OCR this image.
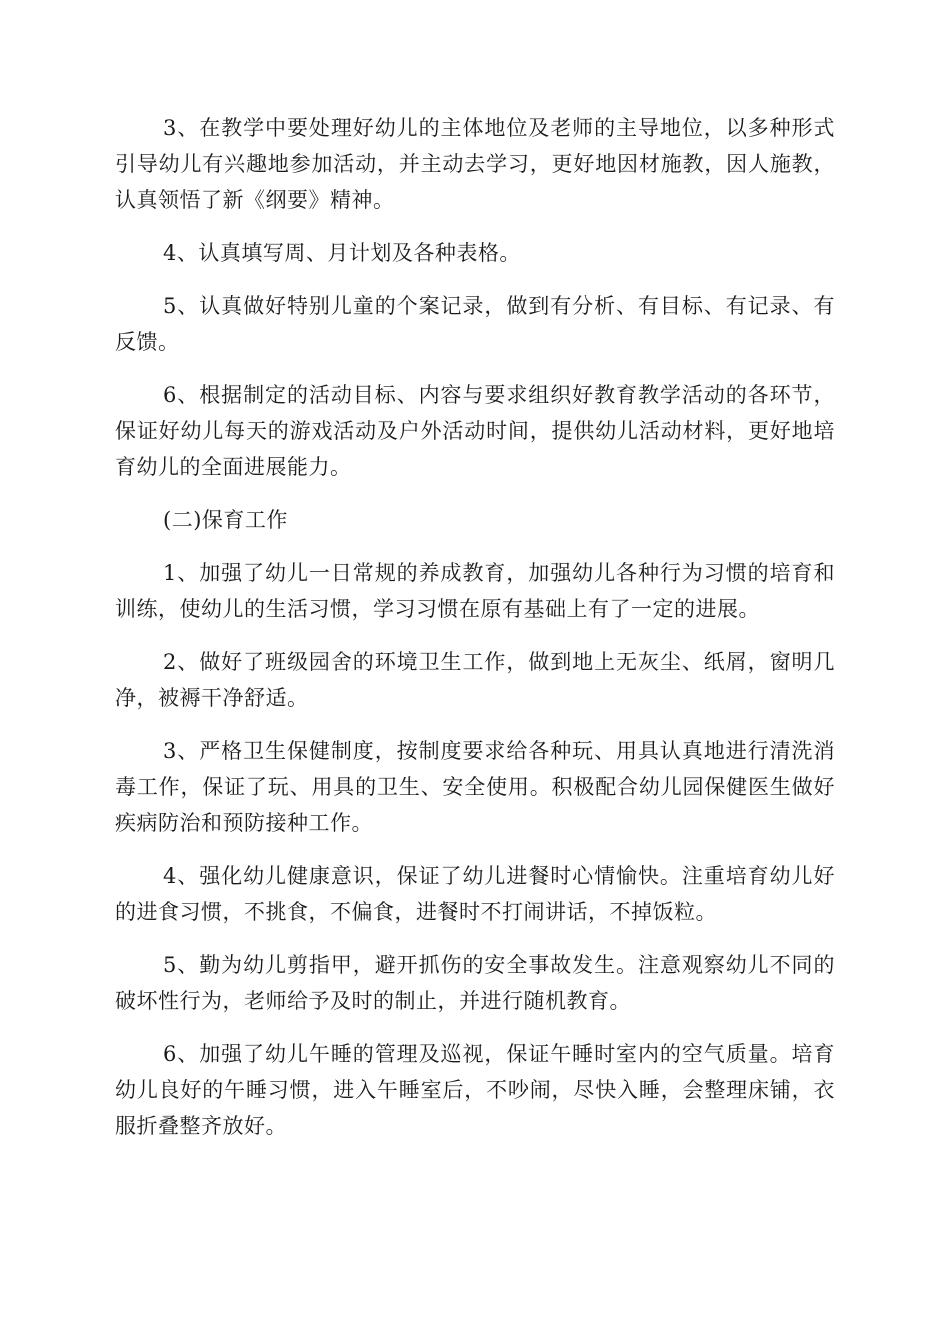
3、在教学中要处理好幼儿的主体地位及老师的主导地位，以多种形式引导幼儿有兴趣地参加活动，并主动去学习，更好地因材施教，因人施教，认真领悟了新《纲要》精神。

4、认真填写周、月计划及各种表格。

5、认真做好特别儿童的个案记录，做到有分析、有目标、有记录、有反馈。

6、根据制定的活动目标、内容与要求组织好教育教学活动的各环节，保证好幼儿每天的游戏活动及户外活动时间，提供幼儿活动材料，更好地培育幼儿的全面进展能力。

(二)保育工作

1、加强了幼儿一日常规的养成教育，加强幼儿各种行为习惯的培育和训练，使幼儿的生活习惯，学习习惯在原有基础上有了一定的进展。

2、做好了班级园舍的环境卫生工作，做到地上无灰尘、纸屑，窗明几净，被褥干净舒适。

3、严格卫生保健制度，按制度要求给各种玩、用具认真地进行清洗消毒工作，保证了玩、用具的卫生、安全使用。积极配合幼儿园保健医生做好疾病防治和预防接种工作。

4、强化幼儿健康意识，保证了幼儿进餐时心情愉快。注重培育幼儿好的进食习惯，不挑食，不偏食，进餐时不打闹讲话，不掉饭粒。

5、勤为幼儿剪指甲，避开抓伤的安全事故发生。注意观察幼儿不同的破坏性行为，老师给予及时的制止，并进行随机教育。

6、加强了幼儿午睡的管理及巡视，保证午睡时室内的空气质量。培育幼儿良好的午睡习惯，进入午睡室后，不吵闹，尽快入睡，会整理床铺，衣服折叠整齐放好。
